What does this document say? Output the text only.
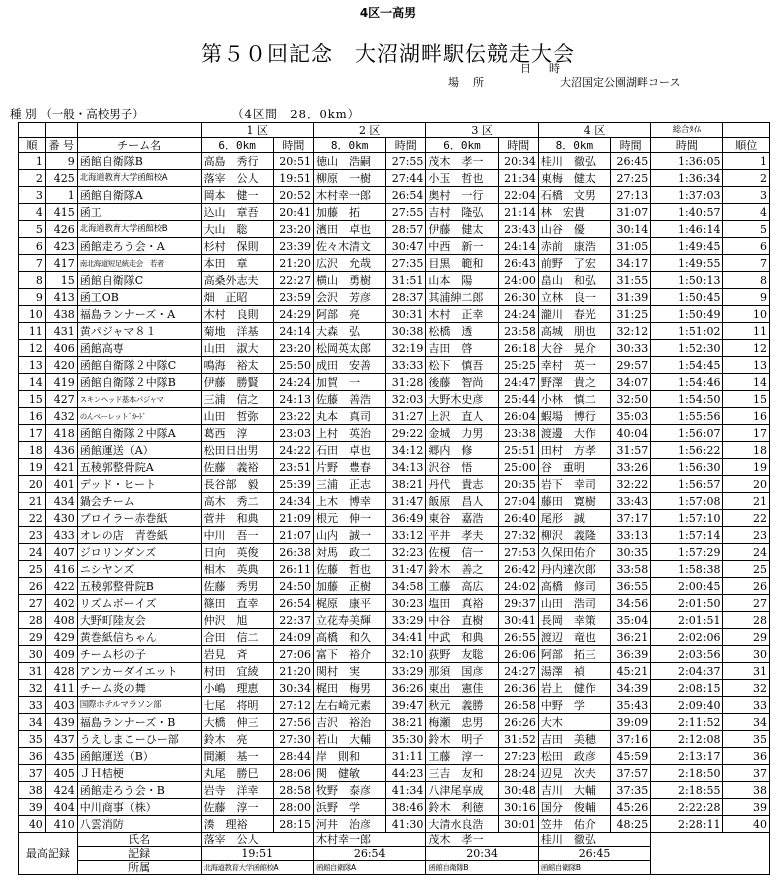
4区一高男
第５０回記念　大沼湖畔駅伝競走大会
日時
場所	大沼国定公園湖畔コース
種 別 （一般・高校男子）	（4区間　28．0km）
			1 区		2 区		3 区		4 区		総合ﾀｲﾑ	
順	番 号	チーム名	6．0km	時間	8．0km	時間	6．0km	時間	8．0km	時間	時間	順位
1	9	函館自衛隊B	高島　秀行	20:51	徳山　浩嗣	27:55	茂木　孝一	20:34	桂川　徹弘	26:45	1:36:05	1
2	425	北海道教育大学函館校A	落宰　公人	19:51	柳原　一樹	27:44	小玉　哲也	21:34	東梅　健太	27:25	1:36:34	2
3	1	函館自衛隊A	岡本　健一	20:52	木村幸一郎	26:54	奥村　一行	22:04	石橋　文男	27:13	1:37:03	3
4	415	函工	込山　章吾	20:41	加藤　拓	27:55	吉村　隆弘	21:14	林　宏貴	31:07	1:40:57	4
5	426	北海道教育大学函館校B	大山　聡	23:20	濱田　卓也	28:57	伊藤　健太	23:43	山谷　優	30:14	1:46:14	5
6	423	函館走ろう会・A	杉村　保則	23:39	佐々木清文	30:47	中西　新一	24:14	赤前　康浩	31:05	1:49:45	6
7	417	南北海道短足統走会　若者	本田　章	21:20	広沢　允哉	27:35	目黒　範和	26:43	前野　了宏	34:17	1:49:55	7
8	15	函館自衛隊C	高桑外志夫	22:27	横山　勇樹	31:51	山本　陽	24:00	畠山　和弘	31:55	1:50:13	8
9	413	函工OB	畑　正昭	23:59	会沢　芳彦	28:37	其浦紳二郎	26:30	立林　良一	31:39	1:50:45	9
10	438	福島ランナーズ・A	木村　良則	24:29	阿部　亮	30:31	木村　正幸	24:24	瀧川　春光	31:25	1:50:49	10
11	431	黄パジャマ８１	菊地　洋基	24:14	大森　弘	30:38	松橋　透	23:58	高城　朋也	32:12	1:51:02	11
12	406	函館高専	山田　淑大	23:20	松岡英太郎	32:19	吉田　啓	26:18	大谷　晃介	30:33	1:52:30	12
13	420	函館自衛隊２中隊C	鳴海　裕太	25:50	成田　安善	33:33	松下　慎吾	25:25	幸村　英一	29:57	1:54:45	13
14	419	函館自衛隊２中隊B	伊藤　勝賢	24:24	加賀　一	31:28	後藤　智尚	24:47	野澤　貴之	34:07	1:54:46	14
15	427	スキンヘッド基本パジャマ	三浦　信之	24:13	佐藤　善浩	32:03	大野木史彦	25:44	小林　慎二	32:50	1:54:50	15
16	432	のんベーレットﾞｶｰﾄﾞ	山田　哲弥	23:22	丸本　真司	31:27	上沢　直人	26:04	蝦場　博行	35:03	1:55:56	16
17	418	函館自衛隊２中隊A	葛西　淳	23:03	上村　英治	29:22	金城　力男	23:38	渡邊　大作	40:04	1:56:07	17
18	436	函館運送（A）	松田日出男	24:22	石田　卓也	34:12	郷内　修	25:51	田村　方孝	31:57	1:56:22	18
19	421	五稜郭整骨院A	佐藤　義裕	23:51	片野　豊春	34:13	沢谷　悟	25:00	谷　重明	33:26	1:56:30	19
20	401	デッド・ヒート	長谷部　毅	25:39	三浦　正志	38:21	丹代　貴志	20:35	岩下　幸司	32:22	1:56:57	20
21	434	鍋会チーム	高木　秀二	24:34	上木　博幸	31:47	飯原　昌人	27:04	藤田　寛樹	33:43	1:57:08	21
22	430	ブロイラー赤巻紙	菅井　和典	21:09	根元　伸一	36:49	東谷　嘉浩	26:40	尾形　誠	37:17	1:57:10	22
23	433	オレの店　青巻紙	中川　吾一	21:07	山内　誠一	33:12	平井　孝夫	27:32	柳沢　義隆	33:13	1:57:14	23
24	407	ジロリンダンズ	日向　英俊	26:38	対馬　政二	32:23	佐榎　信一	27:53	久保田佑介	30:35	1:57:29	24
25	416	ニシヤンズ	相木　英典	26:11	佐藤　哲也	31:47	鈴木　善之	26:42	丹内達次郎	33:58	1:58:38	25
26	422	五稜郭整骨院B	佐藤　秀男	24:50	加藤　正樹	34:58	工藤　高広	24:02	高橋　修司	36:55	2:00:45	26
27	402	リズムボーイズ	篠田　直幸	26:54	梶原　康平	30:23	塩田　真裕	29:37	山田　浩司	34:56	2:01:50	27
28	408	大野町陸友会	仲沢　旭	22:37	立花寿美輝	33:29	中谷　直樹	30:41	長岡　幸策	35:04	2:01:51	28
29	429	黄巻紙信ちゃん	合田　信二	24:09	高橋　和久	34:41	中武　和典	26:55	渡辺　竜也	36:21	2:02:06	29
30	409	チーム杉の子	岩見　斉	27:06	富下　裕介	32:10	荻野　友聡	26:06	阿部　拓三	36:39	2:03:56	30
31	428	アンカーダイエット	村田　宜綾	21:20	関村　実	33:29	那須　国彦	24:27	湯澤　禎	45:21	2:04:37	31
32	411	チーム炎の舞	小嶋　理恵	30:34	梶田　梅男	36:26	東出　憲佳	26:36	岩上　健作	34:39	2:08:15	32
33	403	国際ホテルマラソン部	七尾　将明	27:12	左右崎元素	39:47	秋元　義勝	26:58	中野　学	35:43	2:09:40	33
34	439	福島ランナーズ・B	大橋　伸三	27:56	吉沢　裕治	38:21	梅瀬　忠男	26:26	大木	39:09	2:11:52	34
35	437	うえしまこーひー部	鈴木　亮	27:30	若山　大輔	35:30	鈴木　明子	31:52	吉田　美穂	37:16	2:12:08	35
36	435	函館運送（B）	間瀬　基一	28:44	岸　則和	31:11	工藤　淳一	27:23	松田　政彦	45:59	2:13:17	36
37	405	ＪＨ桔梗	丸尾　勝巳	28:06	関　健敏	44:23	三吉　友和	28:24	辺見　次夫	37:57	2:18:50	37
38	424	函館走ろう会・B	岩寺　洋幸	28:58	牧野　泰彦	41:34	八津尾享成	30:48	吉川　大輔	37:35	2:18:55	38
39	404	中川商事（株）	佐藤　淳一	28:00	浜野　学	38:46	鈴木　利徳	30:16	国分　俊輔	45:26	2:22:28	39
40	410	八雲消防	湊　理裕	28:15	河井　治彦	41:30	大清水良浩	30:01	笠井　佑介	48:25	2:28:11	40
最高記録		氏名	落宰　公人		木村幸一郎		茂木　孝一		桂川　徹弘			
		記録	19:51		26:54		20:34		26:45			
		所属	北海道教育大学函館校A		函館自衛隊A		函館自衛隊B		函館自衛隊B			
